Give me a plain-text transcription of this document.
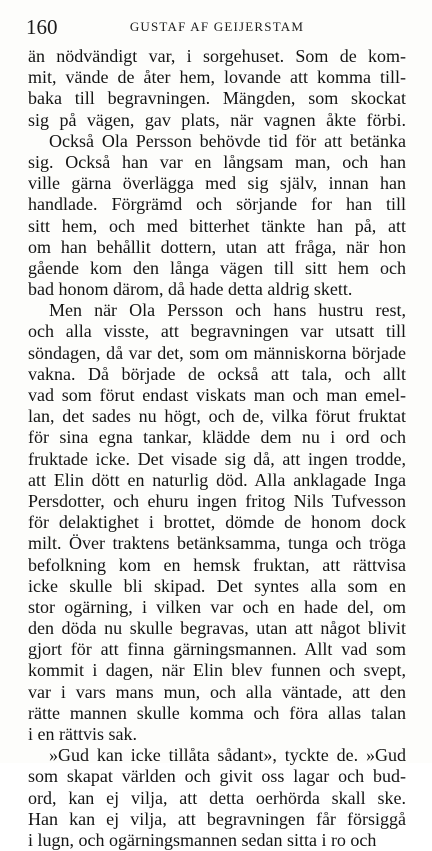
160	GUSTAF AF GEIJERSTAM
än nödvändigt var, i sorgehuset. Som de kom-
mit, vände de åter hem, lovande att komma till-
baka till begravningen. Mängden, som skockat
sig på vägen, gav plats, när vagnen åkte förbi.
Också Ola Persson behövde tid för att betänka
sig. Också han var en långsam man, och han
ville gärna överlägga med sig själv, innan han
handlade. Förgrämd och sörjande for han till
sitt hem, och med bitterhet tänkte han på, att
om han behållit dottern, utan att fråga, när hon
gående kom den långa vägen till sitt hem och
bad honom därom, då hade detta aldrig skett.
Men när Ola Persson och hans hustru rest,
och alla visste, att begravningen var utsatt till
söndagen, då var det, som om människorna började
vakna. Då började de också att tala, och allt
vad som förut endast viskats man och man emel-
lan, det sades nu högt, och de, vilka förut fruktat
för sina egna tankar, klädde dem nu i ord och
fruktade icke. Det visade sig då, att ingen trodde,
att Elin dött en naturlig död. Alla anklagade Inga
Persdotter, och ehuru ingen fritog Nils Tufvesson
för delaktighet i brottet, dömde de honom dock
milt. Över traktens betänksamma, tunga och tröga
befolkning kom en hemsk fruktan, att rättvisa
icke skulle bli skipad. Det syntes alla som en
stor ogärning, i vilken var och en hade del, om
den döda nu skulle begravas, utan att något blivit
gjort för att finna gärningsmannen. Allt vad som
kommit i dagen, när Elin blev funnen och svept,
var i vars mans mun, och alla väntade, att den
rätte mannen skulle komma och föra allas talan
i en rättvis sak.
»Gud kan icke tillåta sådant», tyckte de. »Gud
som skapat världen och givit oss lagar och bud-
ord, kan ej vilja, att detta oerhörda skall ske.
Han kan ej vilja, att begravningen får försiggå
i lugn, och ogärningsmannen sedan sitta i ro och
